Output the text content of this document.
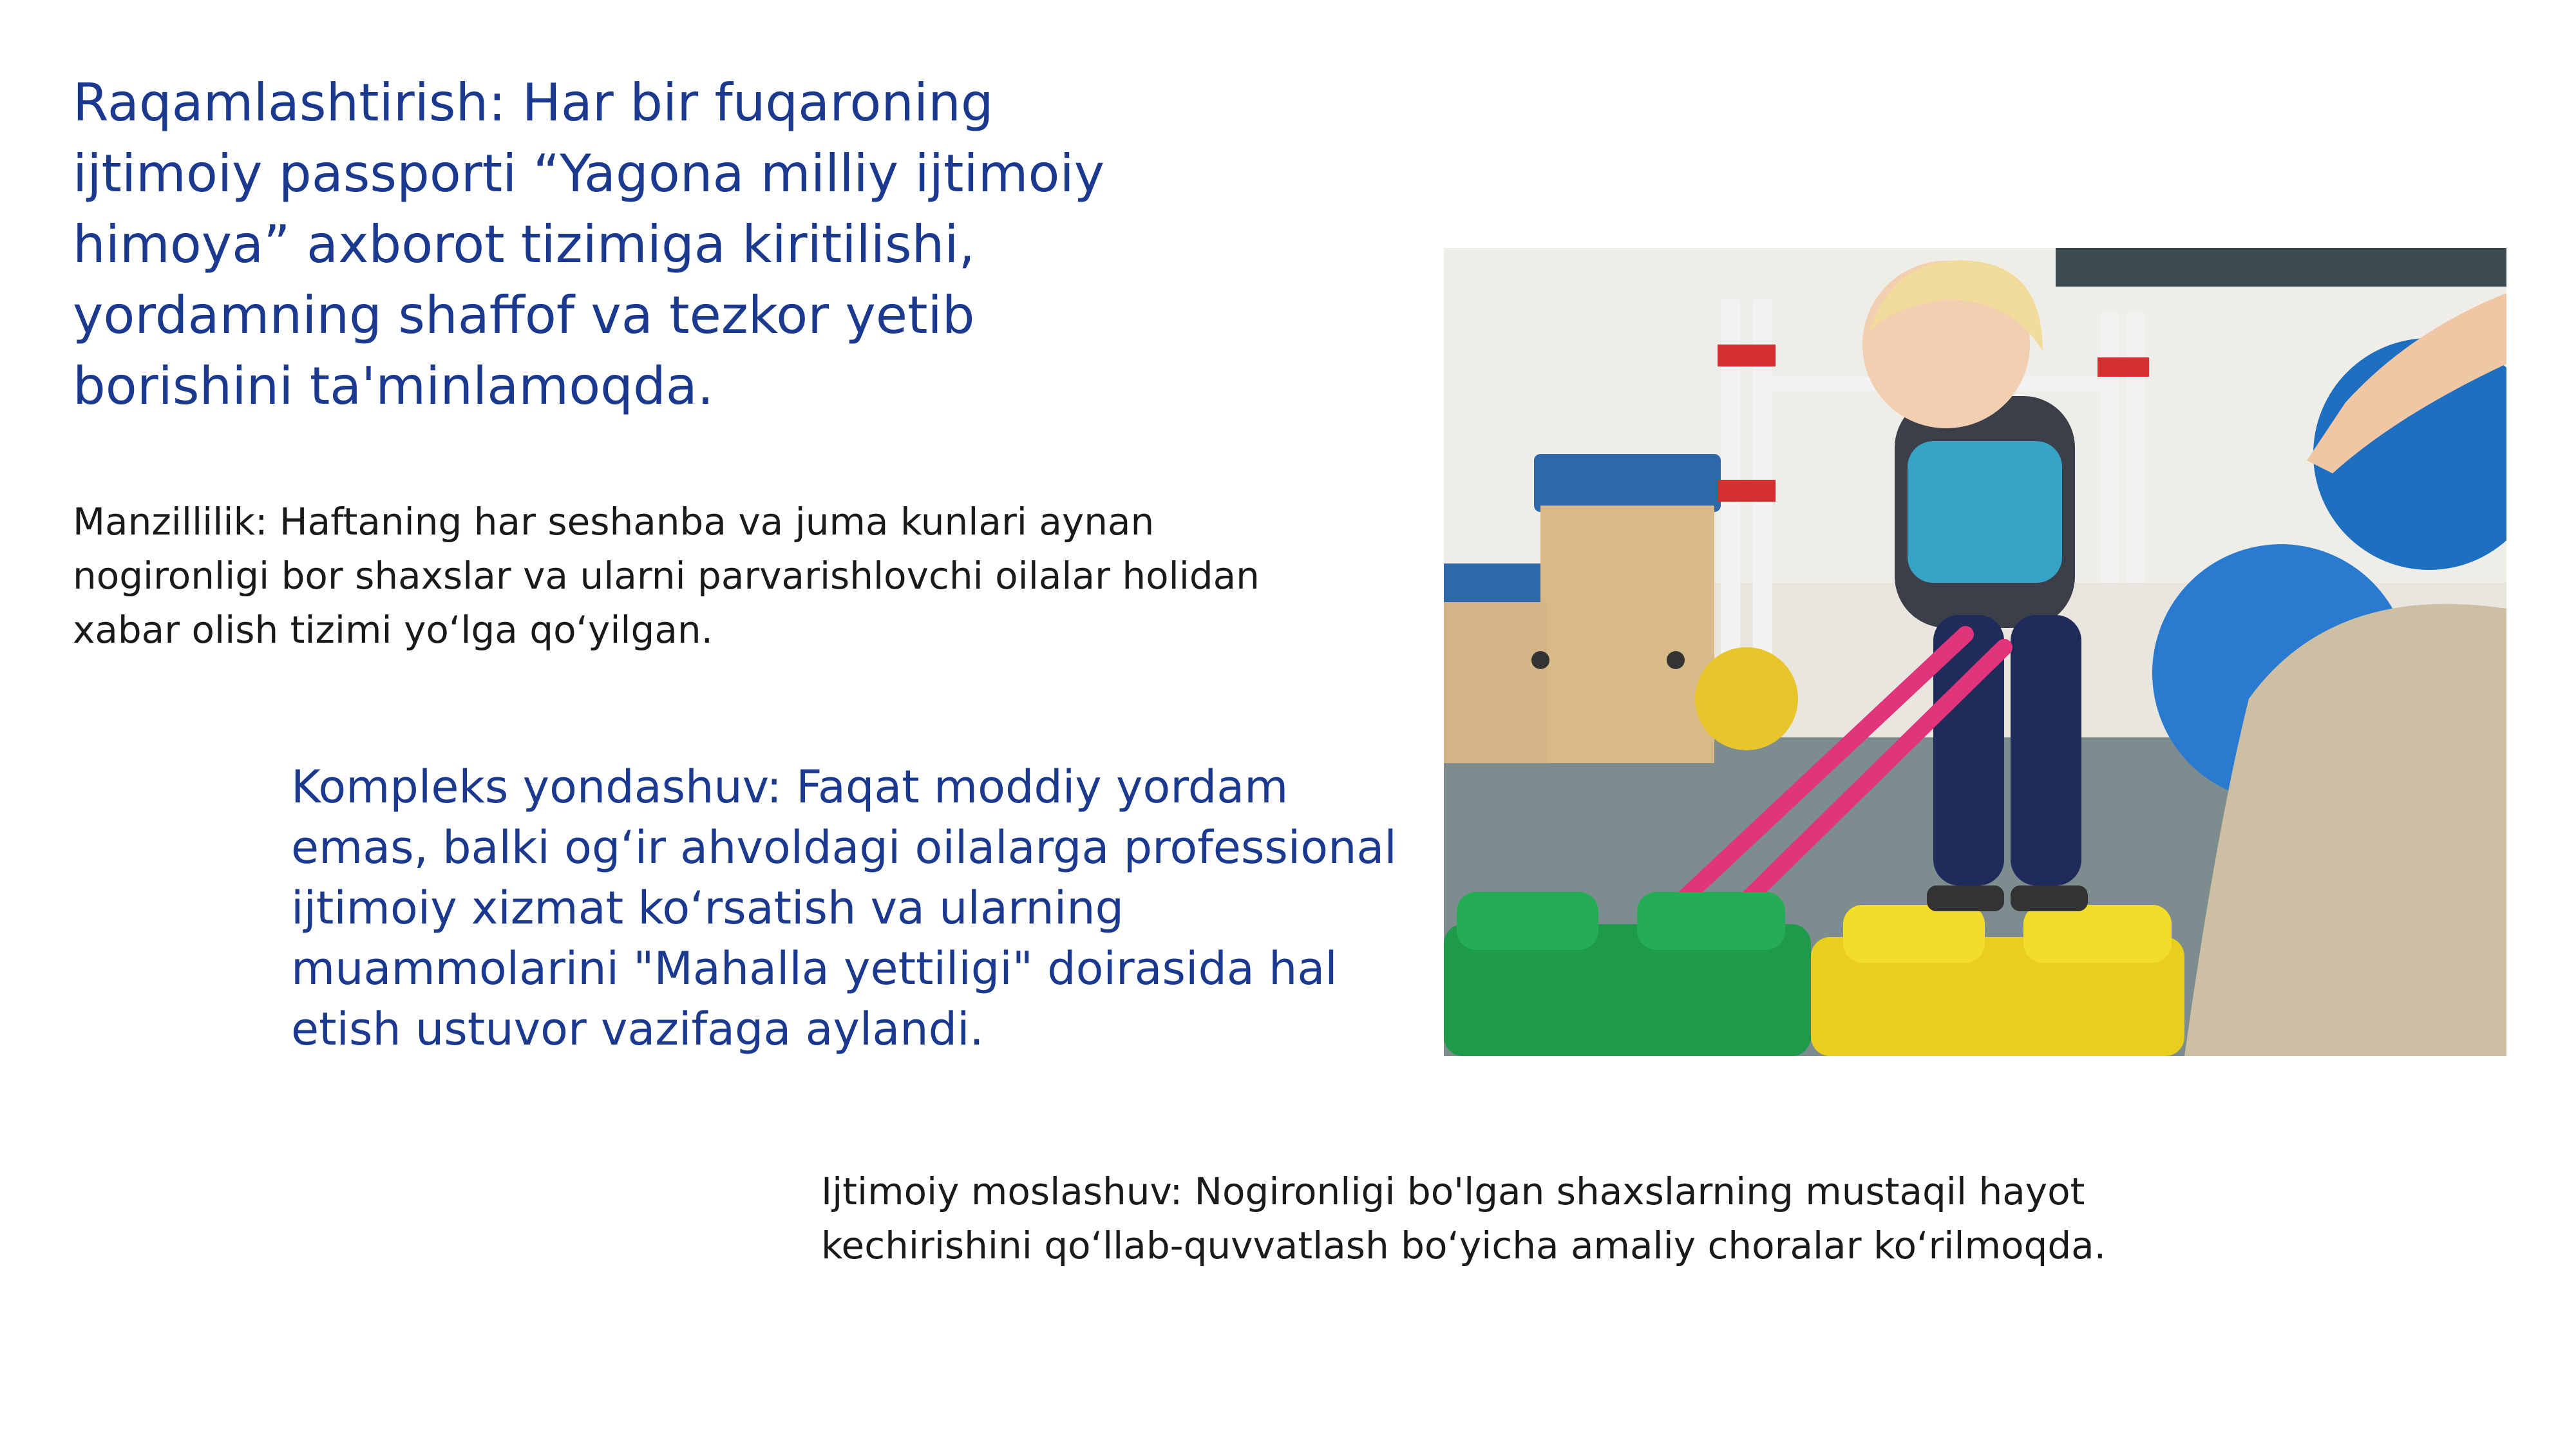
Raqamlashtirish: Har bir fuqaroning
ijtimoiy passporti “Yagona milliy ijtimoiy
himoya” axborot tizimiga kiritilishi,
yordamning shaffof va tezkor yetib
borishini ta'minlamoqda.

Manzillilik: Haftaning har seshanba va juma kunlari aynan
nogironligi bor shaxslar va ularni parvarishlovchi oilalar holidan
xabar olish tizimi yoʻlga qoʻyilgan.

Kompleks yondashuv: Faqat moddiy yordam
emas, balki ogʻir ahvoldagi oilalarga professional
ijtimoiy xizmat koʻrsatish va ularning
muammolarini "Mahalla yettiligi" doirasida hal
etish ustuvor vazifaga aylandi.

Ijtimoiy moslashuv: Nogironligi bo'lgan shaxslarning mustaqil hayot
kechirishini qoʻllab-quvvatlash boʻyicha amaliy choralar koʻrilmoqda.
